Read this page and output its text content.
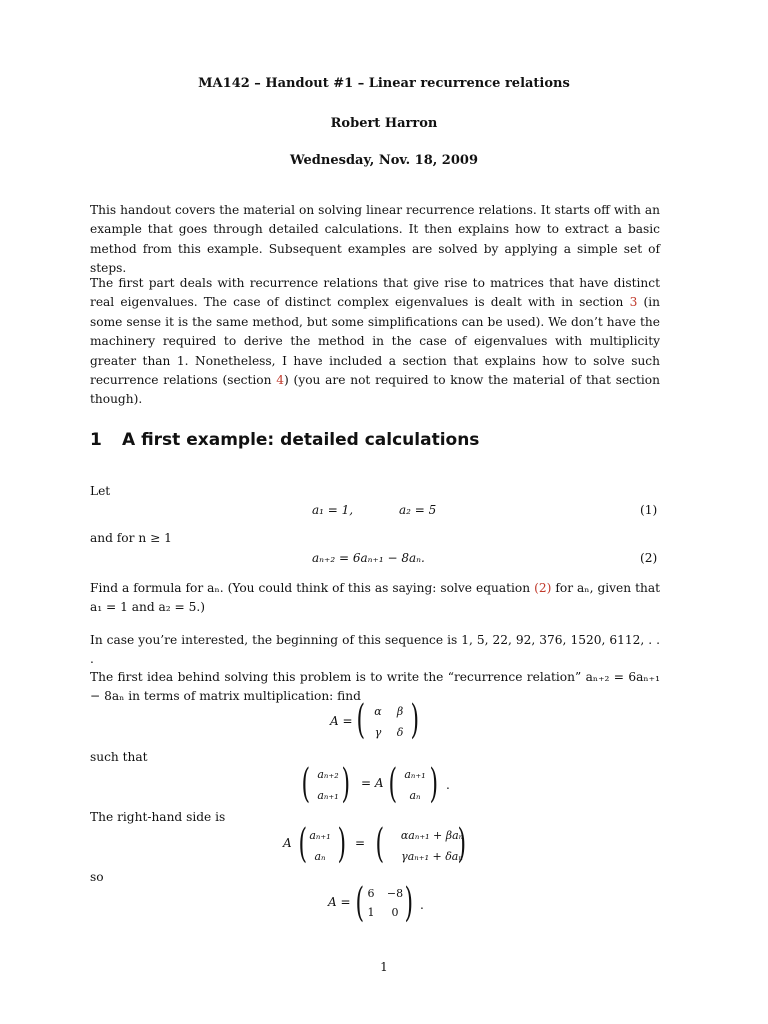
MA142 – Handout #1 – Linear recurrence relations
Robert Harron
Wednesday, Nov. 18, 2009
This handout covers the material on solving linear recurrence relations. It starts off with an example that goes through detailed calculations. It then explains how to extract a basic method from this example. Subsequent examples are solved by applying a simple set of steps.
The first part deals with recurrence relations that give rise to matrices that have distinct real eigenvalues. The case of distinct complex eigenvalues is dealt with in section 3 (in some sense it is the same method, but some simplifications can be used). We don’t have the machinery required to derive the method in the case of eigenvalues with multiplicity greater than 1. Nonetheless, I have included a section that explains how to solve such recurrence relations (section 4) (you are not required to know the material of that section though).
1 A first example: detailed calculations
Let
a₁ = 1,	a₂ = 5	(1)
and for n ≥ 1
aₙ₊₂ = 6aₙ₊₁ − 8aₙ.	(2)
Find a formula for aₙ. (You could think of this as saying: solve equation (2) for aₙ, given that a₁ = 1 and a₂ = 5.)
In case you’re interested, the beginning of this sequence is 1, 5, 22, 92, 376, 1520, 6112, . . .
The first idea behind solving this problem is to write the “recurrence relation” aₙ₊₂ = 6aₙ₊₁ − 8aₙ in terms of matrix multiplication: find
A = ( α	β
γ	δ )
such that
( aₙ₊₂
aₙ₊₁ ) = A ( aₙ₊₁
aₙ ) .
The right-hand side is
A ( aₙ₊₁
aₙ ) = (	αaₙ₊₁ + βaₙ
γaₙ₊₁ + δaₙ
)
so
A = ( 6	−8
1	0 ) .
1
